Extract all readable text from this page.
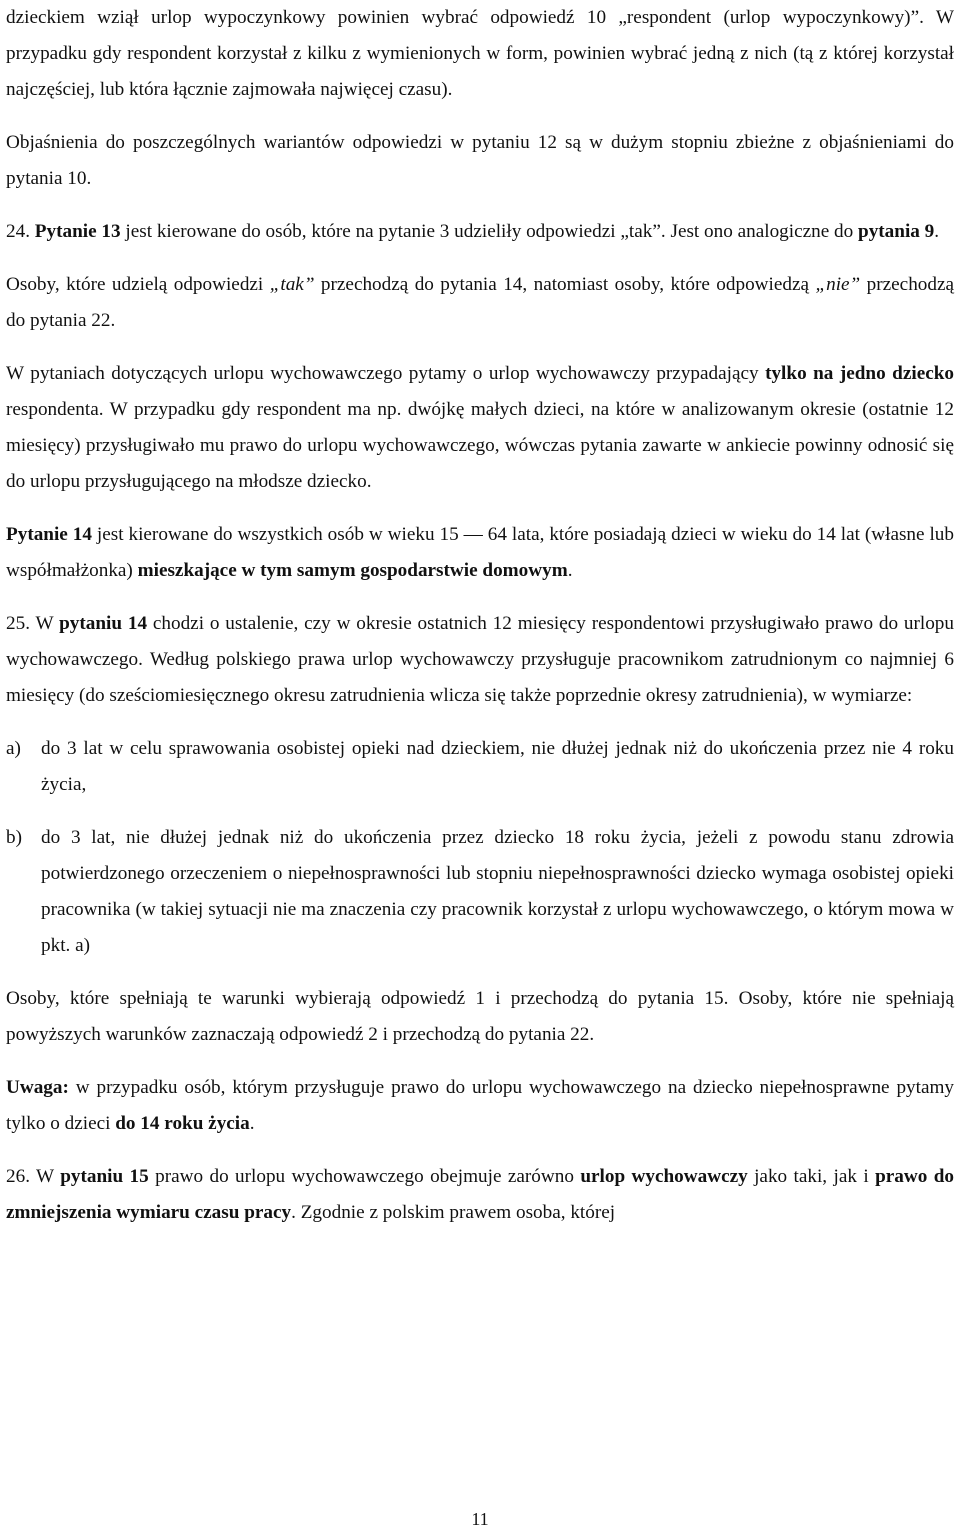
dzieckiem wziął urlop wypoczynkowy powinien wybrać odpowiedź 10 „respondent (urlop wypoczynkowy)”. W przypadku gdy respondent korzystał z kilku z wymienionych w form, powinien wybrać jedną z nich (tą z której korzystał najczęściej, lub która łącznie zajmowała najwięcej czasu).

Objaśnienia do poszczególnych wariantów odpowiedzi w pytaniu 12 są w dużym stopniu zbieżne z objaśnieniami do pytania 10.

24. Pytanie 13 jest kierowane do osób, które na pytanie 3 udzieliły odpowiedzi „tak”. Jest ono analogiczne do pytania 9.

Osoby, które udzielą odpowiedzi „tak” przechodzą do pytania 14, natomiast osoby, które odpowiedzą „nie” przechodzą do pytania 22.

W pytaniach dotyczących urlopu wychowawczego pytamy o urlop wychowawczy przypadający tylko na jedno dziecko respondenta. W przypadku gdy respondent ma np. dwójkę małych dzieci, na które w analizowanym okresie (ostatnie 12 miesięcy) przysługiwało mu prawo do urlopu wychowawczego, wówczas pytania zawarte w ankiecie powinny odnosić się do urlopu przysługującego na młodsze dziecko.

Pytanie 14 jest kierowane do wszystkich osób w wieku 15 — 64 lata, które posiadają dzieci w wieku do 14 lat (własne lub współmałżonka) mieszkające w tym samym gospodarstwie domowym.

25. W pytaniu 14 chodzi o ustalenie, czy w okresie ostatnich 12 miesięcy respondentowi przysługiwało prawo do urlopu wychowawczego. Według polskiego prawa urlop wychowawczy przysługuje pracownikom zatrudnionym co najmniej 6 miesięcy (do sześciomiesięcznego okresu zatrudnienia wlicza się także poprzednie okresy zatrudnienia), w wymiarze:

a)	do 3 lat w celu sprawowania osobistej opieki nad dzieckiem, nie dłużej jednak niż do ukończenia przez nie 4 roku życia,
b) do 3 lat, nie dłużej jednak niż do ukończenia przez dziecko 18 roku życia, jeżeli z powodu stanu zdrowia potwierdzonego orzeczeniem o niepełnosprawności lub stopniu niepełnosprawności dziecko wymaga osobistej opieki pracownika (w takiej sytuacji nie ma znaczenia czy pracownik korzystał z urlopu wychowawczego, o którym mowa w pkt. a)

Osoby, które spełniają te warunki wybierają odpowiedź 1 i przechodzą do pytania 15. Osoby, które nie spełniają powyższych warunków zaznaczają odpowiedź 2 i przechodzą do pytania 22.

Uwaga: w przypadku osób, którym przysługuje prawo do urlopu wychowawczego na dziecko niepełnosprawne pytamy tylko o dzieci do 14 roku życia.

26. W pytaniu 15 prawo do urlopu wychowawczego obejmuje zarówno urlop wychowawczy jako taki, jak i prawo do zmniejszenia wymiaru czasu pracy. Zgodnie z polskim prawem osoba, której

11
